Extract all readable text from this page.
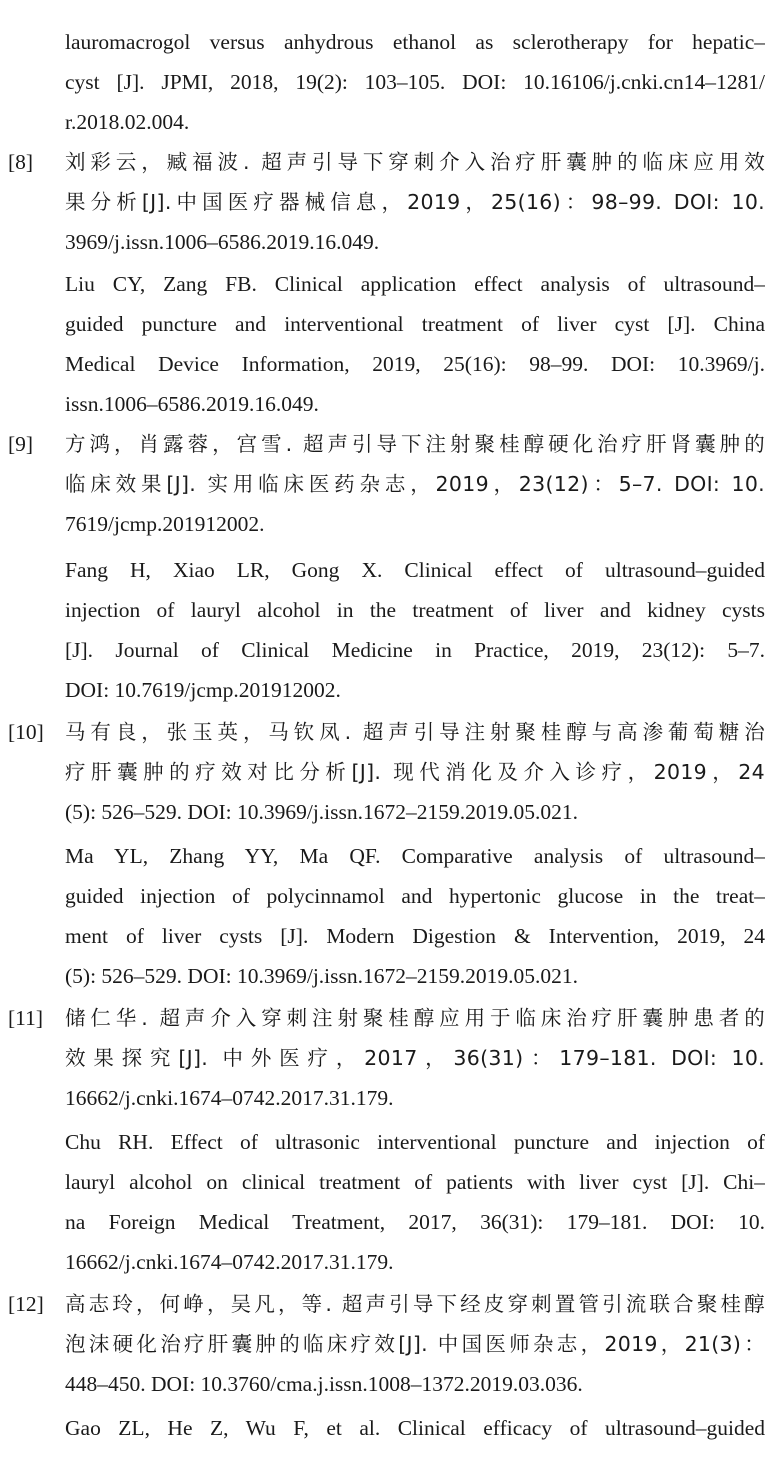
lauromacrogol versus anhydrous ethanol as sclerotherapy for hepatic–
cyst [J]. JPMI, 2018, 19(2): 103–105. DOI: 10.16106/j.cnki.cn14–1281/
r.2018.02.004.
[8]	刘彩云，臧福波. 超声引导下穿刺介入治疗肝囊肿的临床应用效
果分析[J].中国医疗器械信息，2019，25(16)：98–99. DOI: 10.
3969/j.issn.1006–6586.2019.16.049.
Liu CY, Zang FB. Clinical application effect analysis of ultrasound–
guided puncture and interventional treatment of liver cyst [J]. China
Medical Device Information, 2019, 25(16): 98–99. DOI: 10.3969/j.
issn.1006–6586.2019.16.049.
[9]	方鸿，肖露蓉，宫雪. 超声引导下注射聚桂醇硬化治疗肝肾囊肿的
临床效果[J]. 实用临床医药杂志，2019，23(12)：5–7. DOI: 10.
7619/jcmp.201912002.
Fang H, Xiao LR, Gong X. Clinical effect of ultrasound–guided
injection of lauryl alcohol in the treatment of liver and kidney cysts
[J]. Journal of Clinical Medicine in Practice, 2019, 23(12): 5–7.
DOI: 10.7619/jcmp.201912002.
[10]	马有良，张玉英，马钦凤. 超声引导注射聚桂醇与高渗葡萄糖治
疗肝囊肿的疗效对比分析[J]. 现代消化及介入诊疗，2019，24
(5): 526–529. DOI: 10.3969/j.issn.1672–2159.2019.05.021.
Ma YL, Zhang YY, Ma QF. Comparative analysis of ultrasound–
guided injection of polycinnamol and hypertonic glucose in the treat–
ment of liver cysts [J]. Modern Digestion & Intervention, 2019, 24
(5): 526–529. DOI: 10.3969/j.issn.1672–2159.2019.05.021.
[11]	储仁华. 超声介入穿刺注射聚桂醇应用于临床治疗肝囊肿患者的
效果探究[J]. 中外医疗，2017，36(31)：179–181. DOI: 10.
16662/j.cnki.1674–0742.2017.31.179.
Chu RH. Effect of ultrasonic interventional puncture and injection of
lauryl alcohol on clinical treatment of patients with liver cyst [J]. Chi–
na Foreign Medical Treatment, 2017, 36(31): 179–181. DOI: 10.
16662/j.cnki.1674–0742.2017.31.179.
[12]	高志玲，何峥，吴凡，等. 超声引导下经皮穿刺置管引流联合聚桂醇
泡沫硬化治疗肝囊肿的临床疗效[J]. 中国医师杂志，2019，21(3)：
448–450. DOI: 10.3760/cma.j.issn.1008–1372.2019.03.036.
Gao ZL, He Z, Wu F, et al. Clinical efficacy of ultrasound–guided
